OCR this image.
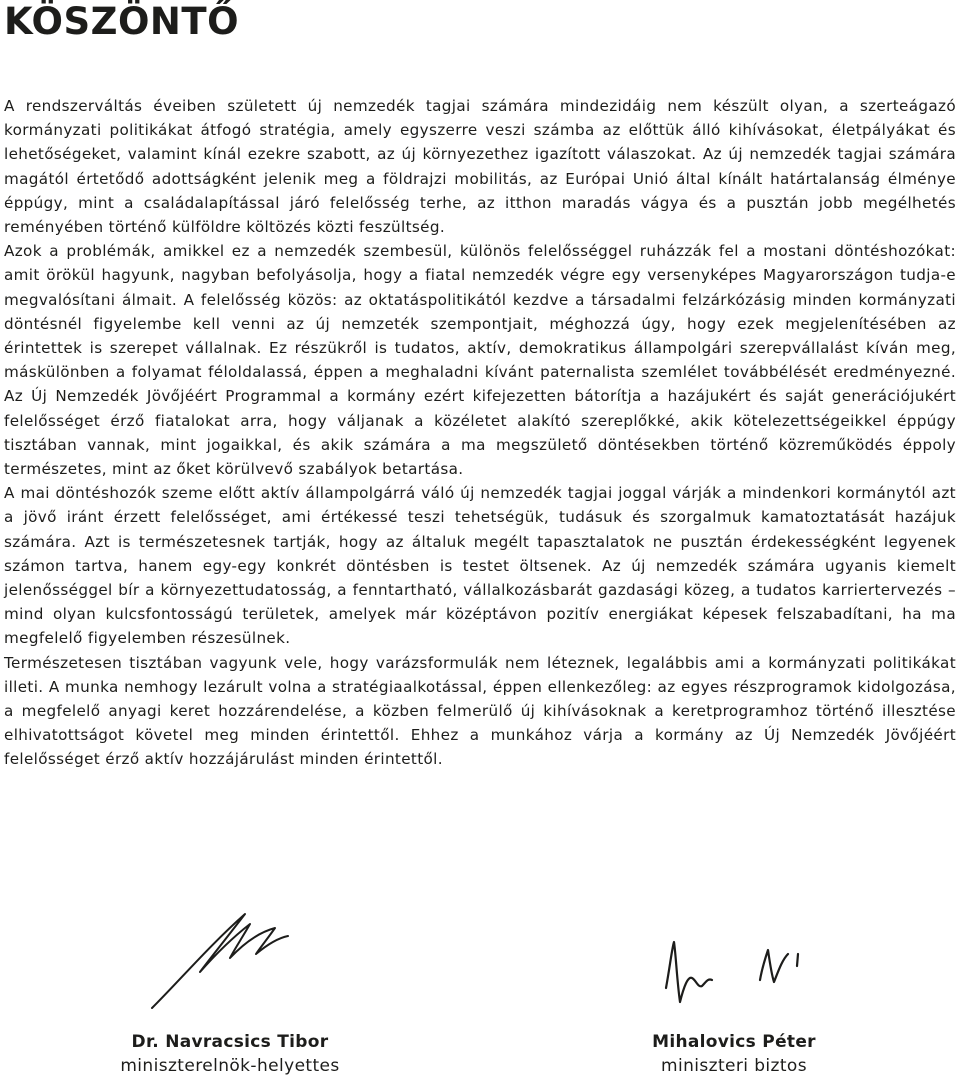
KÖSZÖNTŐ

A rendszerváltás éveiben született új nemzedék tagjai számára mindezidáig nem készült olyan, a szerteágazó kormányzati politikákat átfogó stratégia, amely egyszerre veszi számba az előttük álló kihívásokat, életpályákat és lehetőségeket, valamint kínál ezekre szabott, az új környezethez igazított válaszokat. Az új nemzedék tagjai számára magától értetődő adottságként jelenik meg a földrajzi mobilitás, az Európai Unió által kínált határtalanság élménye éppúgy, mint a családalapítással járó felelősség terhe, az itthon maradás vágya és a pusztán jobb megélhetés reményében történő külföldre költözés közti feszültség.

Azok a problémák, amikkel ez a nemzedék szembesül, különös felelősséggel ruházzák fel a mostani döntéshozókat: amit örökül hagyunk, nagyban befolyásolja, hogy a fiatal nemzedék végre egy versenyképes Magyarországon tudja-e megvalósítani álmait. A felelősség közös: az oktatáspolitikától kezdve a társadalmi felzárkózásig minden kormányzati döntésnél figyelembe kell venni az új nemzeték szempontjait, méghozzá úgy, hogy ezek megjelenítésében az érintettek is szerepet vállalnak. Ez részükről is tudatos, aktív, demokratikus állampolgári szerepvállalást kíván meg, máskülönben a folyamat féloldalassá, éppen a meghaladni kívánt paternalista szemlélet továbbélését eredményezné. Az Új Nemzedék Jövőjéért Programmal a kormány ezért kifejezetten bátorítja a hazájukért és saját generációjukért felelősséget érző fiatalokat arra, hogy váljanak a közéletet alakító szereplőkké, akik kötelezettségeikkel éppúgy tisztában vannak, mint jogaikkal, és akik számára a ma megszülető döntésekben történő közreműködés éppoly természetes, mint az őket körülvevő szabályok betartása.

A mai döntéshozók szeme előtt aktív állampolgárrá váló új nemzedék tagjai joggal várják a mindenkori kormánytól azt a jövő iránt érzett felelősséget, ami értékessé teszi tehetségük, tudásuk és szorgalmuk kamatoztatását hazájuk számára. Azt is természetesnek tartják, hogy az általuk megélt tapasztalatok ne pusztán érdekességként legyenek számon tartva, hanem egy-egy konkrét döntésben is testet öltsenek. Az új nemzedék számára ugyanis kiemelt jelenősséggel bír a környezettudatosság, a fenntartható, vállalkozásbarát gazdasági közeg, a tudatos karriertervezés – mind olyan kulcsfontosságú területek, amelyek már középtávon pozitív energiákat képesek felszabadítani, ha ma megfelelő figyelemben részesülnek.

Természetesen tisztában vagyunk vele, hogy varázsformulák nem léteznek, legalábbis ami a kormányzati politikákat illeti. A munka nemhogy lezárult volna a stratégiaalkotással, éppen ellenkezőleg: az egyes részprogramok kidolgozása, a megfelelő anyagi keret hozzárendelése, a közben felmerülő új kihívásoknak a keretprogramhoz történő illesztése elhivatottságot követel meg minden érintettől. Ehhez a munkához várja a kormány az Új Nemzedék Jövőjéért felelősséget érző aktív hozzájárulást minden érintettől.

Dr. Navracsics Tibor
miniszterelnök-helyettes
Mihalovics Péter
miniszteri biztos
